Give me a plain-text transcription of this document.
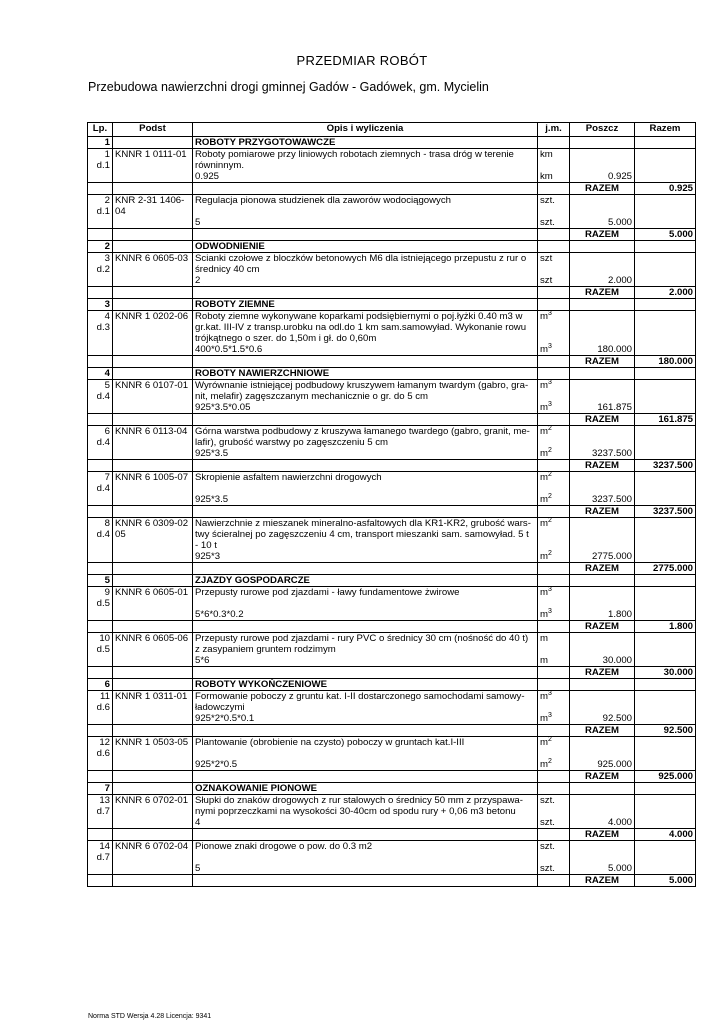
PRZEDMIAR ROBÓT
Przebudowa nawierzchni drogi gminnej Gadów - Gadówek, gm. Mycielin
Lp.	Podst	Opis i wyliczenia	j.m.	Poszcz	Razem
1		ROBOTY PRZYGOTOWAWCZE			
1	KNNR 1 0111-01	Roboty pomiarowe przy liniowych robotach ziemnych - trasa dróg w terenie	km		
d.1		równinnym.			
		0.925	km	0.925	
				RAZEM	0.925
2	KNR 2-31 1406-	Regulacja pionowa studzienek dla zaworów wodociągowych	szt.		
d.1	04				
		5	szt.	5.000	
				RAZEM	5.000
2		ODWODNIENIE			
3	KNNR 6 0605-03	Scianki czołowe z bloczków betonowych M6 dla istniejącego przepustu z rur o	szt		
d.2		średnicy 40 cm			
		2	szt	2.000	
				RAZEM	2.000
3		ROBOTY ZIEMNE			
4	KNNR 1 0202-06	Roboty ziemne wykonywane koparkami podsiębiernymi o poj.łyżki 0.40 m3 w	$m^3$		
d.3		gr.kat. III-IV z transp.urobku na odl.do 1 km sam.samowyład. Wykonanie rowu			
		trójkątnego o szer. do 1,50m i gł. do 0,60m			
		400*0.5*1.5*0.6	$m^3$	180.000	
				RAZEM	180.000
4		ROBOTY NAWIERZCHNIOWE			
5	KNNR 6 0107-01	Wyrównanie istniejącej podbudowy kruszywem łamanym twardym (gabro, gra-	$m^3$		
d.4		nit, melafir) zagęszczanym mechanicznie o gr. do 5 cm			
		925*3.5*0.05	$m^3$	161.875	
				RAZEM	161.875
6	KNNR 6 0113-04	Górna warstwa podbudowy z kruszywa łamanego twardego (gabro, granit, me-	$m^2$		
d.4		lafir), grubość warstwy po zagęszczeniu 5 cm			
		925*3.5	$m^2$	3237.500	
				RAZEM	3237.500
7	KNNR 6 1005-07	Skropienie asfaltem nawierzchni drogowych	$m^2$		
d.4					
		925*3.5	$m^2$	3237.500	
				RAZEM	3237.500
8	KNNR 6 0309-02	Nawierzchnie z mieszanek mineralno-asfaltowych dla KR1-KR2, grubość wars-	$m^2$		
d.4	05	twy ścieralnej po zagęszczeniu 4 cm, transport mieszanki sam. samowyład. 5 t			
		- 10 t			
		925*3	$m^2$	2775.000	
				RAZEM	2775.000
5		ZJAZDY GOSPODARCZE			
9	KNNR 6 0605-01	Przepusty rurowe pod zjazdami - ławy fundamentowe żwirowe	$m^3$		
d.5					
		5*6*0.3*0.2	$m^3$	1.800	
				RAZEM	1.800
10	KNNR 6 0605-06	Przepusty rurowe pod zjazdami - rury PVC o średnicy 30 cm (nośność do 40 t)	m		
d.5		z zasypaniem gruntem rodzimym			
		5*6	m	30.000	
				RAZEM	30.000
6		ROBOTY WYKOŃCZENIOWE			
11	KNNR 1 0311-01	Formowanie poboczy z gruntu kat. I-II dostarczonego samochodami samowy-	$m^3$		
d.6		ładowczymi			
		925*2*0.5*0.1	$m^3$	92.500	
				RAZEM	92.500
12	KNNR 1 0503-05	Plantowanie (obrobienie na czysto) poboczy w gruntach kat.I-III	$m^2$		
d.6					
		925*2*0.5	$m^2$	925.000	
				RAZEM	925.000
7		OZNAKOWANIE PIONOWE			
13	KNNR 6 0702-01	Słupki do znaków drogowych z rur stalowych o średnicy 50 mm z przyspawa-	szt.		
d.7		nymi poprzeczkami na wysokości 30-40cm od spodu rury + 0,06 m3 betonu			
		4	szt.	4.000	
				RAZEM	4.000
14	KNNR 6 0702-04	Pionowe znaki drogowe o pow. do 0.3 m2	szt.		
d.7					
		5	szt.	5.000	
				RAZEM	5.000
Norma STD Wersja 4.28 Licencja: 9341
